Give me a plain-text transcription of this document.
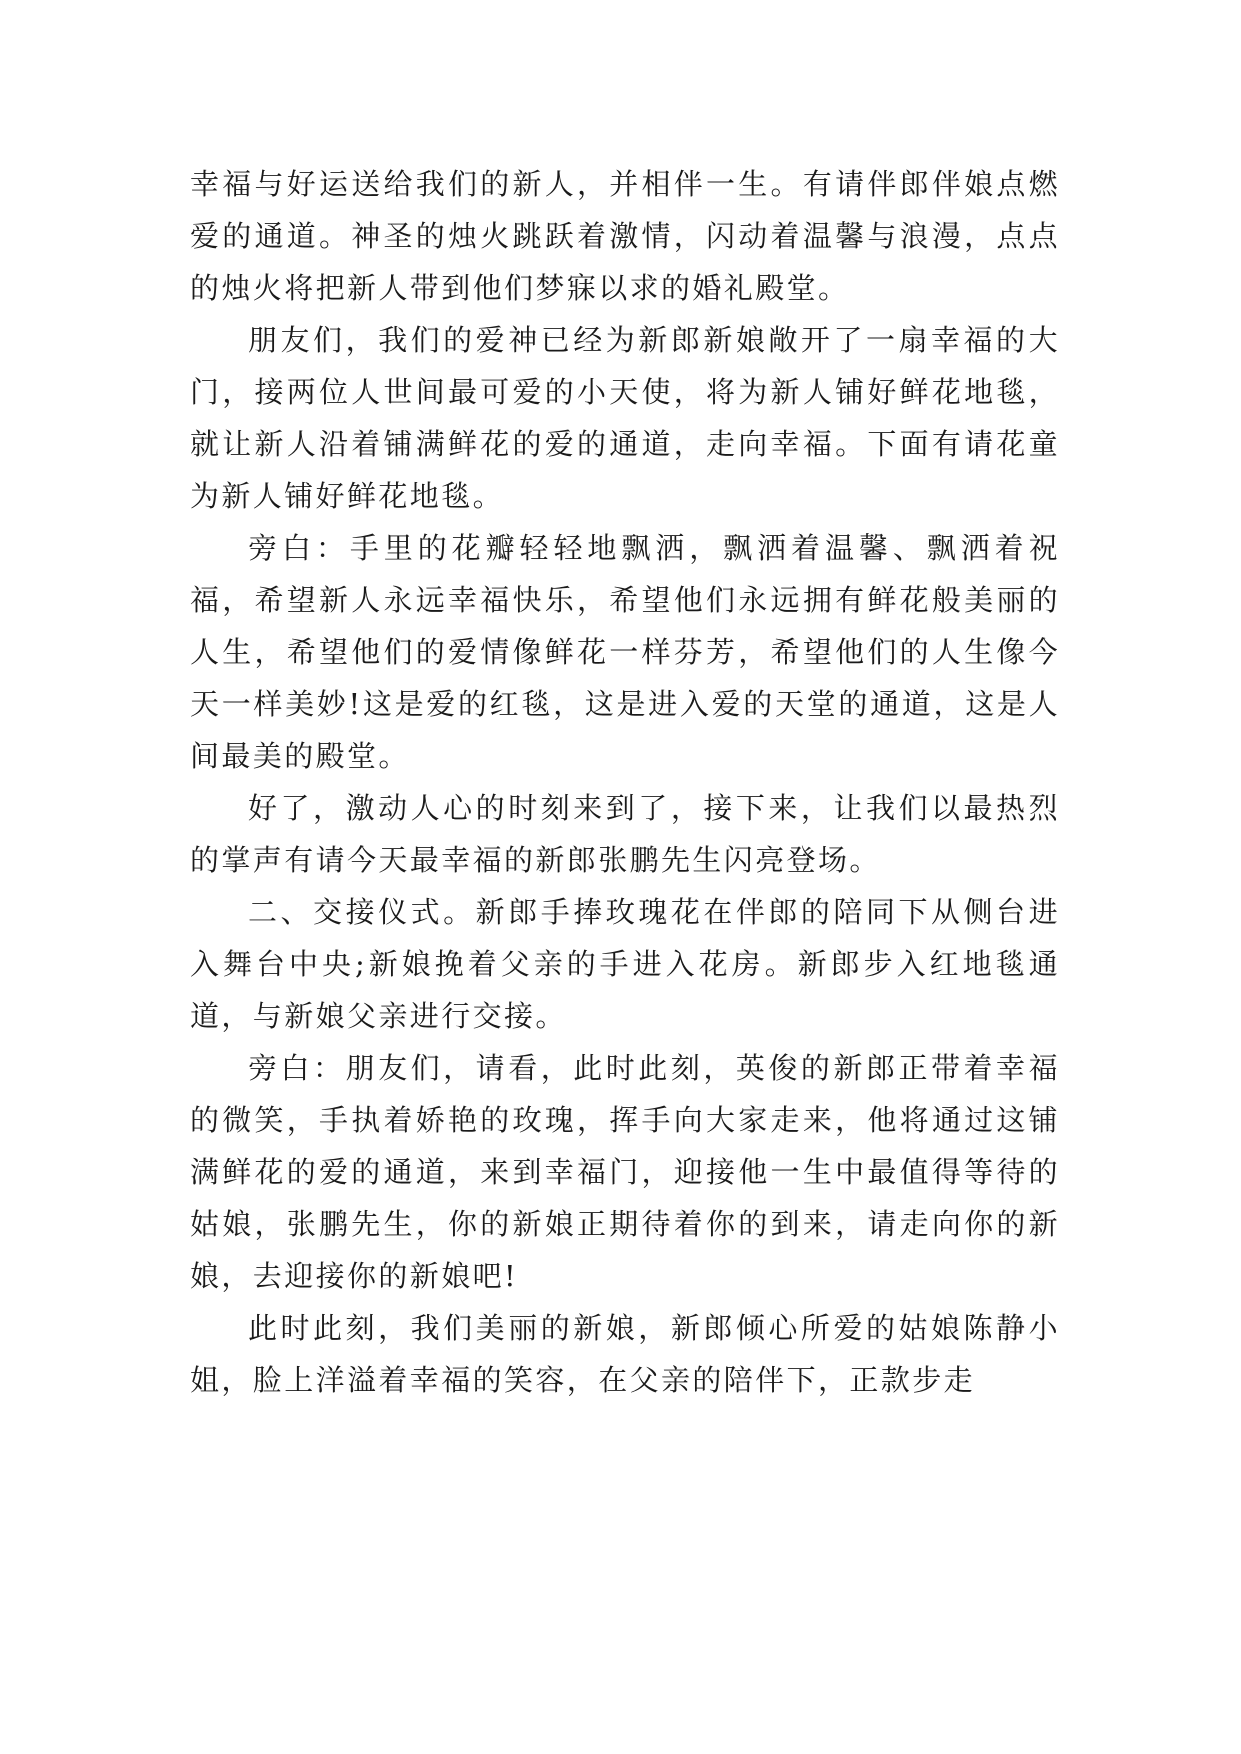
幸福与好运送给我们的新人，并相伴一生。有请伴郎伴娘点燃爱的通道。神圣的烛火跳跃着激情，闪动着温馨与浪漫，点点的烛火将把新人带到他们梦寐以求的婚礼殿堂。

朋友们，我们的爱神已经为新郎新娘敞开了一扇幸福的大门，接两位人世间最可爱的小天使，将为新人铺好鲜花地毯，就让新人沿着铺满鲜花的爱的通道，走向幸福。下面有请花童为新人铺好鲜花地毯。

旁白：手里的花瓣轻轻地飘洒，飘洒着温馨、飘洒着祝福，希望新人永远幸福快乐，希望他们永远拥有鲜花般美丽的人生，希望他们的爱情像鲜花一样芬芳，希望他们的人生像今天一样美妙!这是爱的红毯，这是进入爱的天堂的通道，这是人间最美的殿堂。

好了，激动人心的时刻来到了，接下来，让我们以最热烈的掌声有请今天最幸福的新郎张鹏先生闪亮登场。

二、交接仪式。新郎手捧玫瑰花在伴郎的陪同下从侧台进入舞台中央;新娘挽着父亲的手进入花房。新郎步入红地毯通道，与新娘父亲进行交接。

旁白：朋友们，请看，此时此刻，英俊的新郎正带着幸福的微笑，手执着娇艳的玫瑰，挥手向大家走来，他将通过这铺满鲜花的爱的通道，来到幸福门，迎接他一生中最值得等待的姑娘，张鹏先生，你的新娘正期待着你的到来，请走向你的新娘，去迎接你的新娘吧!

此时此刻，我们美丽的新娘，新郎倾心所爱的姑娘陈静小姐，脸上洋溢着幸福的笑容，在父亲的陪伴下，正款步走
